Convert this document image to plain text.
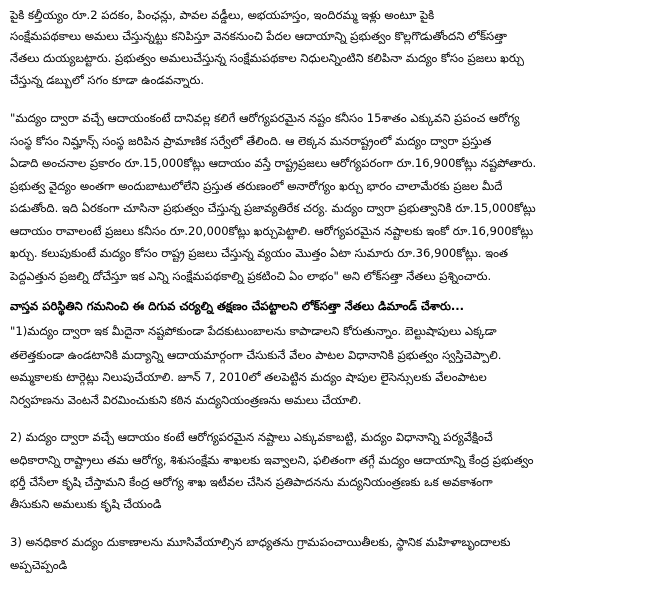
పైకి కల్తీయ్యం రూ.2 పదకం, పింఛన్లు, పావల వడ్డీలు, అభయహస్తం, ఇందిరమ్మ ఇళ్లు అంటూ పైకి
సంక్షేమపథకాలు అమలు చేస్తున్నట్టు కనిపిస్తూ వెనకనుంచి పేదల ఆదాయాన్ని ప్రభుత్వం కొల్లగొడుతోందని లోక్‌సత్తా
నేతలు దుయ్యబట్టారు. ప్రభుత్వం అమలుచేస్తున్న సంక్షేమపథకాల నిధులన్నింటిని కలిపినా మద్యం కోసం ప్రజలు ఖర్చు
చేస్తున్న డబ్బులో సగం కూడా ఉండవన్నారు.
"మద్యం ద్వారా వచ్చే ఆదాయంకంటే దానివల్ల కలిగే ఆరోగ్యపరమైన నష్టం కనీసం 15శాతం ఎక్కువని ప్రపంచ ఆరోగ్య
సంస్థ కోసం నిమ్హాన్స్ సంస్థ జరిపిన ప్రామాణిక సర్వేలో తేలింది. ఆ లెక్కన మనరాష్ట్రంలో మద్యం ద్వారా ప్రస్తుత
ఏడాది అంచనాల ప్రకారం రూ.15,000కోట్లు ఆదాయం వస్తే రాష్ట్రప్రజలు ఆరోగ్యపరంగా రూ.16,900కోట్లు నష్టపోతారు.
ప్రభుత్వ వైద్యం అంతగా అందుబాటులోలేని ప్రస్తుత తరుణంలో అనారోగ్యం ఖర్చు భారం చాలామేరకు ప్రజల మీదే
పడుతోంది. ఇది ఏరకంగా చూసినా ప్రభుత్వం చేస్తున్న ప్రజావ్యతిరేక చర్య. మద్యం ద్వారా ప్రభుత్వానికి రూ.15,000కోట్లు
ఆదాయం రావాలంటే ప్రజలు కనీసం రూ.20,000కోట్లు ఖర్చుపెట్టాలి. ఆరోగ్యపరమైన నష్టాలకు ఇంకో రూ.16,900కోట్లు
ఖర్చు. కలుపుకుంటే మద్యం కోసం రాష్ట్ర ప్రజలు చేస్తున్న వ్యయం మొత్తం ఏటా సుమారు రూ.36,900కోట్లు. ఇంత
పెద్దఎత్తున ప్రజల్ని దోచేస్తూ ఇక ఎన్ని సంక్షేమపథకాల్ని ప్రకటించి ఏం లాభం" అని లోక్‌సత్తా నేతలు ప్రశ్నించారు.
వాస్తవ పరిస్థితిని గమనించి ఈ దిగువ చర్యల్ని తక్షణం చేపట్టాలని లోక్‌సత్తా నేతలు డిమాండ్ చేశారు...
"1)మద్యం ద్వారా ఇక మీదైనా నష్టపోకుండా పేదకుటుంబాలను కాపాడాలని కోరుతున్నాం. బెల్టుషాపులు ఎక్కడా
తలెత్తకుండా ఉండటానికి మద్యాన్ని ఆదాయమార్గంగా చేసుకునే వేలం పాటల విధానానికి ప్రభుత్వం స్వస్తిచెప్పాలి.
అమ్మకాలకు టార్గెట్లు నిలుపుచేయాలి. జూన్ 7, 2010లో తలపెట్టిన మద్యం షాపుల లైసెన్సులకు వేలంపాటల
నిర్వహణను వెంటనే విరమించుకుని కఠిన మద్యనియంత్రణను అమలు చేయాలి.
2) మద్యం ద్వారా వచ్చే ఆదాయం కంటే ఆరోగ్యపరమైన నష్టాలు ఎక్కువకాబట్టి, మద్యం విధానాన్ని పర్యవేక్షించే
అధికారాన్ని రాష్ట్రాలు తమ ఆరోగ్య, శిశుసంక్షేమ శాఖలకు ఇవ్వాలని, ఫలితంగా తగ్గే మద్యం ఆదాయాన్ని కేంద్ర ప్రభుత్వం
భర్తీ చేసేలా కృషి చేస్తామని కేంద్ర ఆరోగ్య శాఖ ఇటీవల చేసిన ప్రతిపాదనను మద్యనియంత్రణకు ఒక అవకాశంగా
తీసుకుని అమలుకు కృషి చేయండి
3) అనధికార మద్యం దుకాణాలను మూసివేయాల్సిన బాధ్యతను గ్రామపంచాయితీలకు, స్థానిక మహిళాబృందాలకు
అప్పచెప్పండి
